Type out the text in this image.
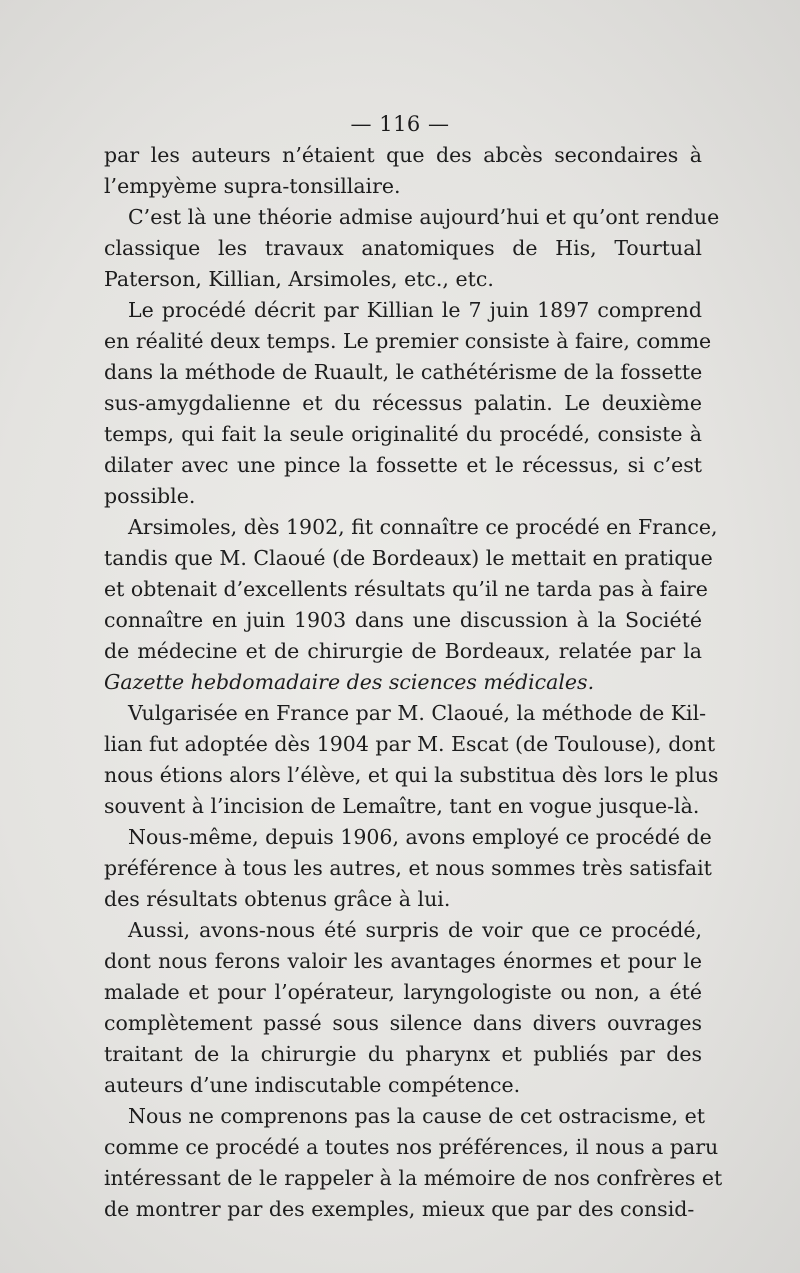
— 116 —

par les auteurs n’étaient que des abcès secondaires à
l’empyème supra-tonsillaire.

C’est là une théorie admise aujourd’hui et qu’ont rendue
classique les travaux anatomiques de His, Tourtual
Paterson, Killian, Arsimoles, etc., etc.

Le procédé décrit par Killian le 7 juin 1897 comprend
en réalité deux temps. Le premier consiste à faire, comme
dans la méthode de Ruault, le cathétérisme de la fossette
sus-amygdalienne et du récessus palatin. Le deuxième
temps, qui fait la seule originalité du procédé, consiste à
dilater avec une pince la fossette et le récessus, si c’est
possible.

Arsimoles, dès 1902, fit connaître ce procédé en France,
tandis que M. Claoué (de Bordeaux) le mettait en pratique
et obtenait d’excellents résultats qu’il ne tarda pas à faire
connaître en juin 1903 dans une discussion à la Société
de médecine et de chirurgie de Bordeaux, relatée par la
Gazette hebdomadaire des sciences médicales.

Vulgarisée en France par M. Claoué, la méthode de Kil-
lian fut adoptée dès 1904 par M. Escat (de Toulouse), dont
nous étions alors l’élève, et qui la substitua dès lors le plus
souvent à l’incision de Lemaître, tant en vogue jusque-là.

Nous-même, depuis 1906, avons employé ce procédé de
préférence à tous les autres, et nous sommes très satisfait
des résultats obtenus grâce à lui.

Aussi, avons-nous été surpris de voir que ce procédé,
dont nous ferons valoir les avantages énormes et pour le
malade et pour l’opérateur, laryngologiste ou non, a été
complètement passé sous silence dans divers ouvrages
traitant de la chirurgie du pharynx et publiés par des
auteurs d’une indiscutable compétence.

Nous ne comprenons pas la cause de cet ostracisme, et
comme ce procédé a toutes nos préférences, il nous a paru
intéressant de le rappeler à la mémoire de nos confrères et
de montrer par des exemples, mieux que par des consid-
